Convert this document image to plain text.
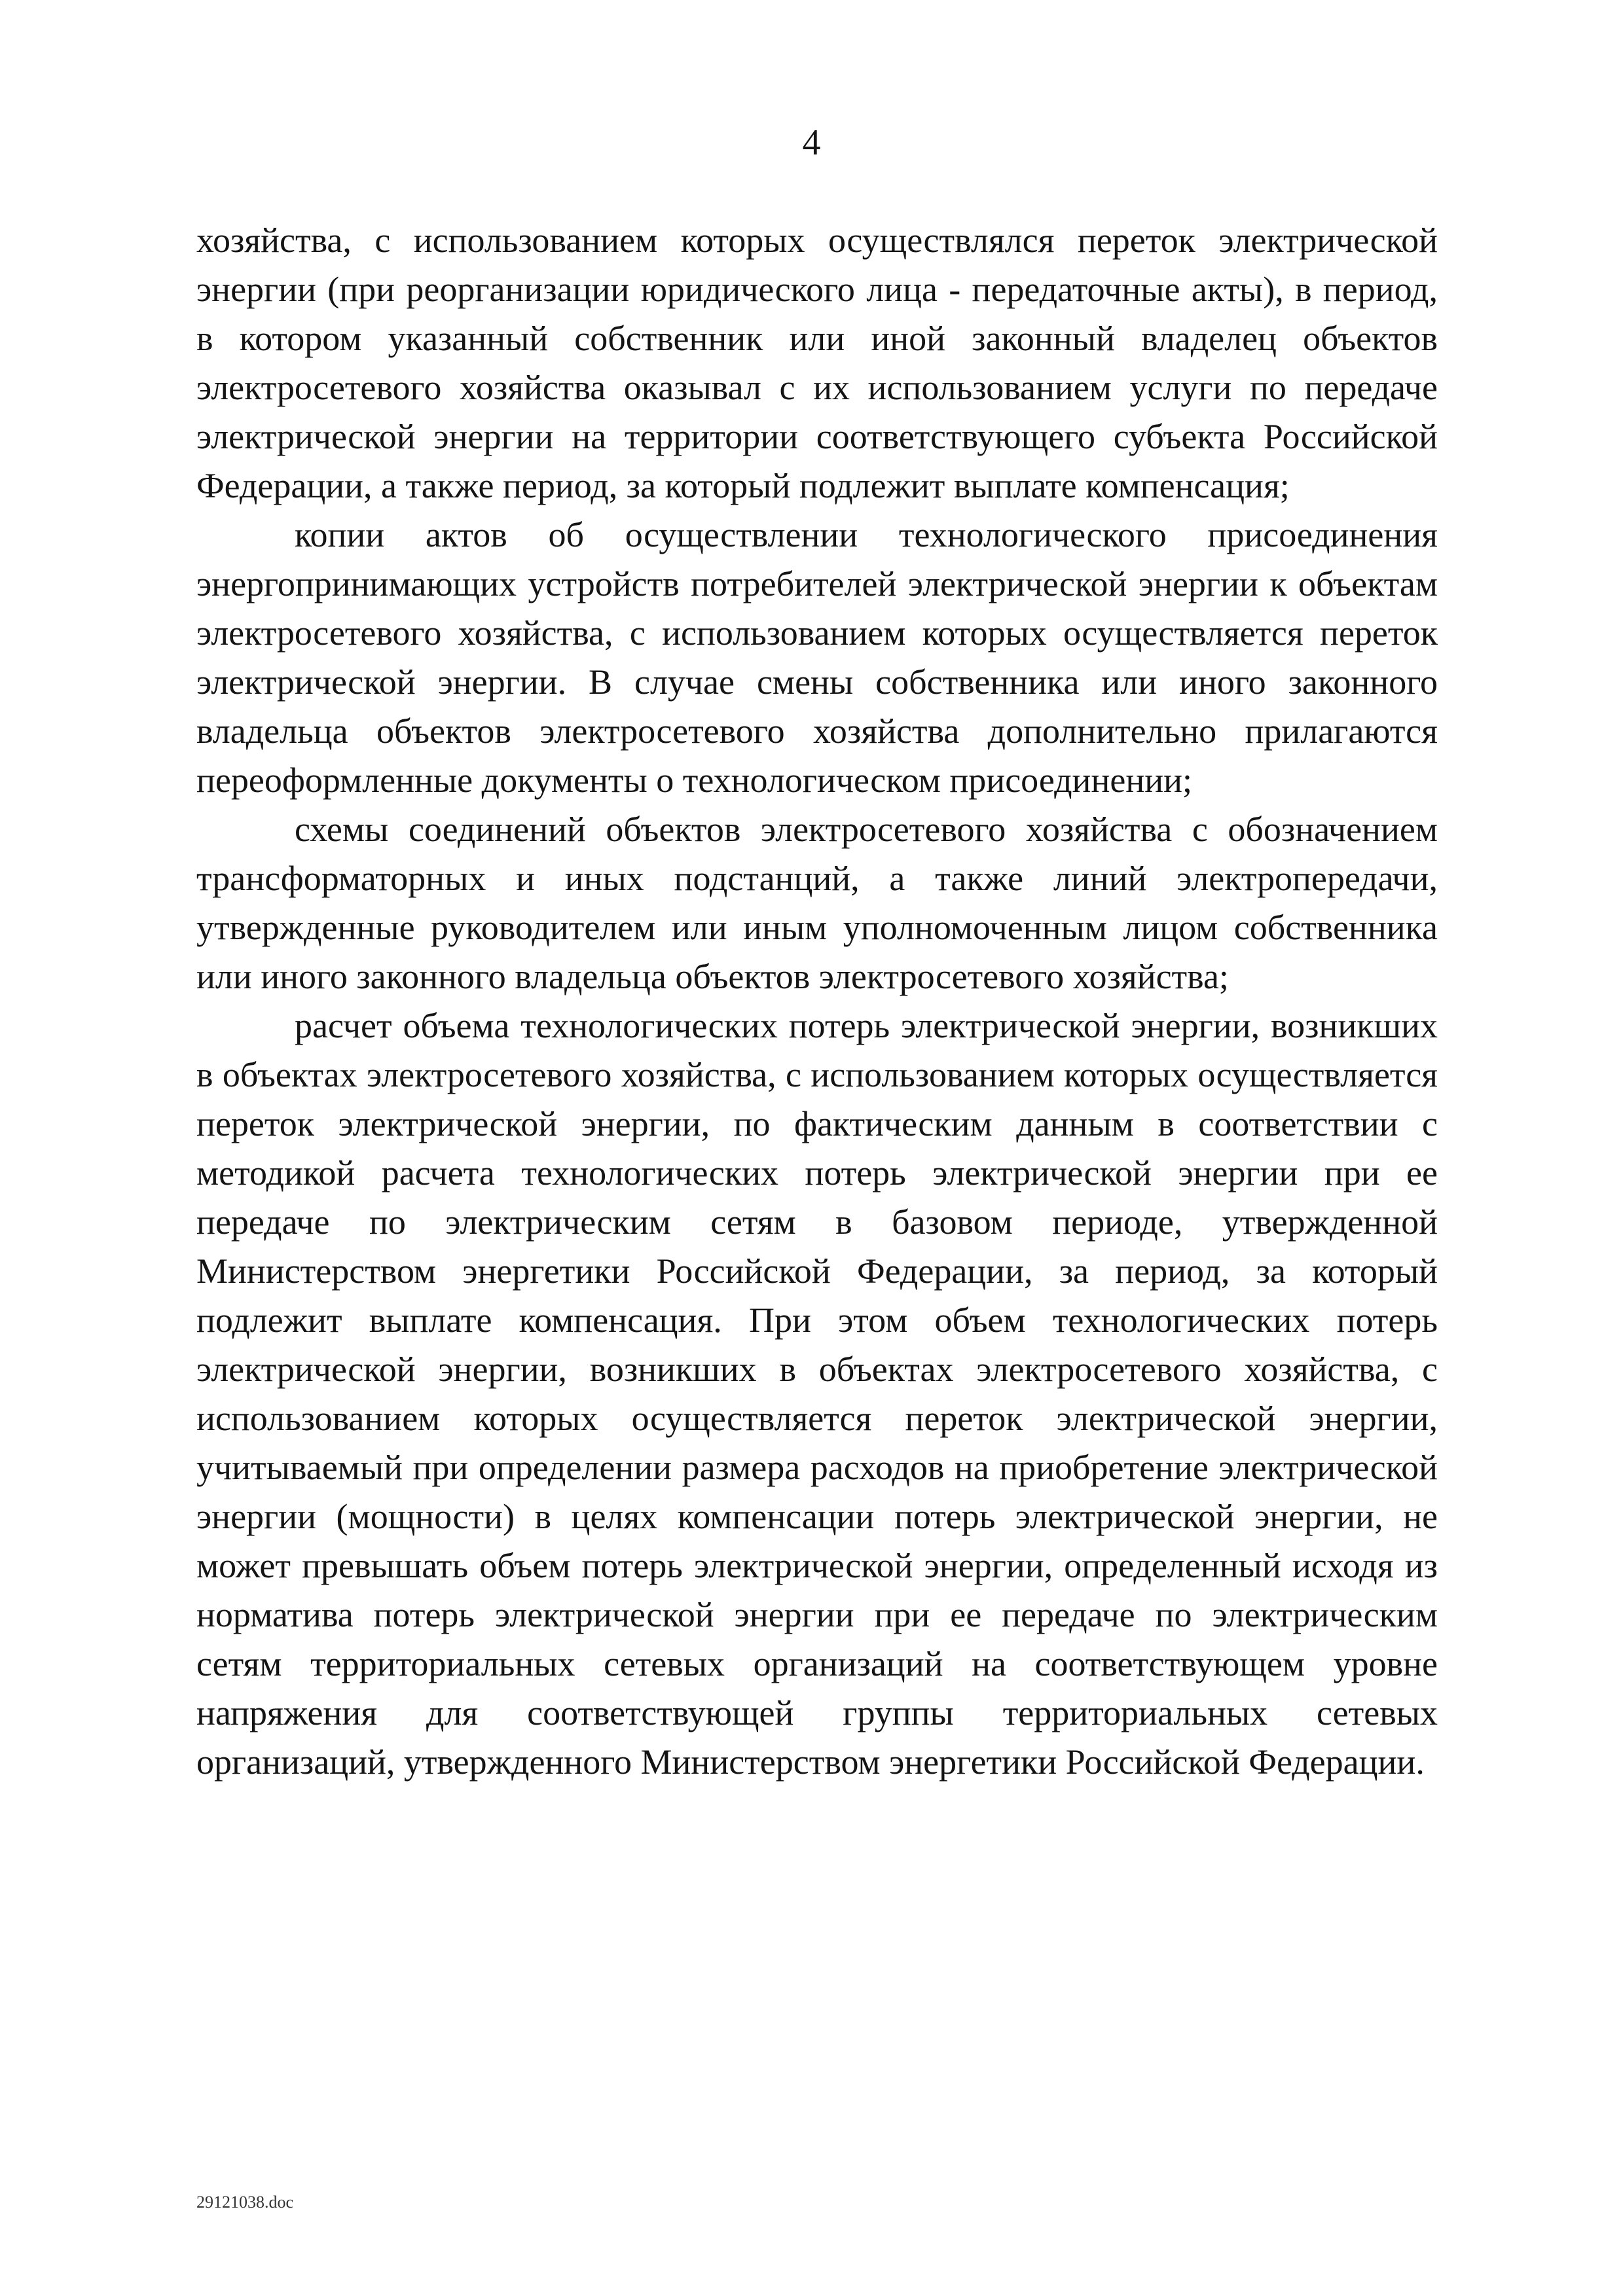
4

хозяйства, с использованием которых осуществлялся переток электрической энергии (при реорганизации юридического лица - передаточные акты), в период, в котором указанный собственник или иной законный владелец объектов электросетевого хозяйства оказывал с их использованием услуги по передаче электрической энергии на территории соответствующего субъекта Российской Федерации, а также период, за который подлежит выплате компенсация;

копии актов об осуществлении технологического присоединения энергопринимающих устройств потребителей электрической энергии к объектам электросетевого хозяйства, с использованием которых осуществляется переток электрической энергии. В случае смены собственника или иного законного владельца объектов электросетевого хозяйства дополнительно прилагаются переоформленные документы о технологическом присоединении;

схемы соединений объектов электросетевого хозяйства с обозначением трансформаторных и иных подстанций, а также линий электропередачи, утвержденные руководителем или иным уполномоченным лицом собственника или иного законного владельца объектов электросетевого хозяйства;

расчет объема технологических потерь электрической энергии, возникших в объектах электросетевого хозяйства, с использованием которых осуществляется переток электрической энергии, по фактическим данным в соответствии с методикой расчета технологических потерь электрической энергии при ее передаче по электрическим сетям в базовом периоде, утвержденной Министерством энергетики Российской Федерации, за период, за который подлежит выплате компенсация. При этом объем технологических потерь электрической энергии, возникших в объектах электросетевого хозяйства, с использованием которых осуществляется переток электрической энергии, учитываемый при определении размера расходов на приобретение электрической энергии (мощности) в целях компенсации потерь электрической энергии, не может превышать объем потерь электрической энергии, определенный исходя из норматива потерь электрической энергии при ее передаче по электрическим сетям территориальных сетевых организаций на соответствующем уровне напряжения для соответствующей группы территориальных сетевых организаций, утвержденного Министерством энергетики Российской Федерации.

29121038.doc
